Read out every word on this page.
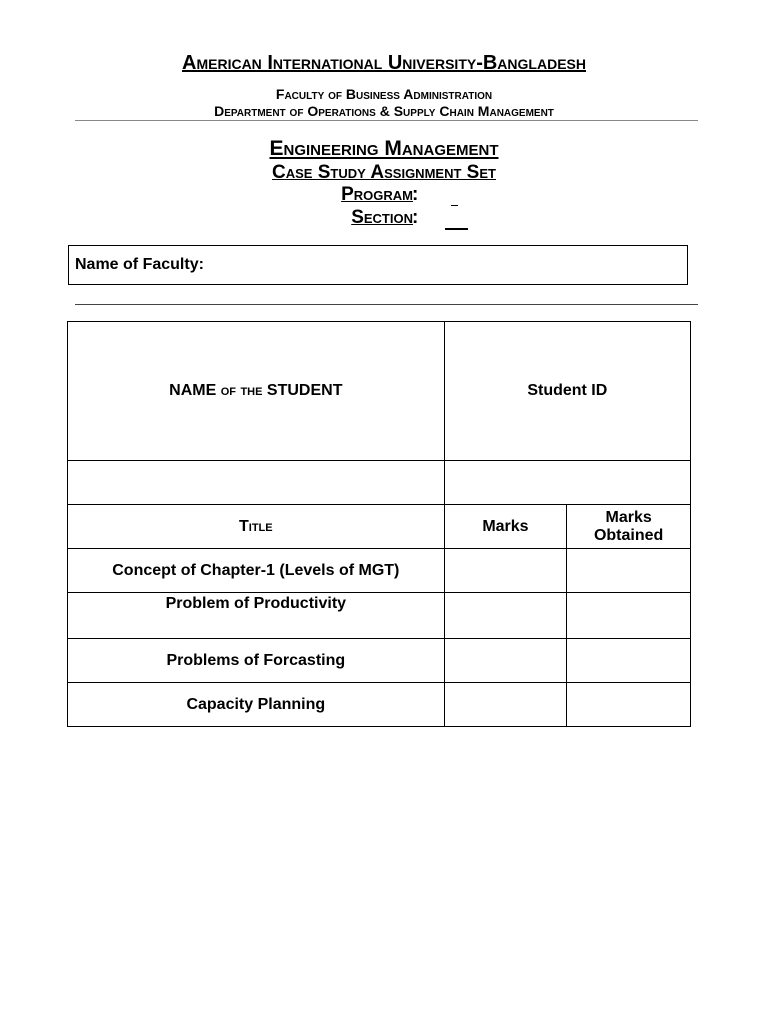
American International University-Bangladesh
Faculty of Business Administration
Department of Operations & Supply Chain Management
Engineering Management
Case Study Assignment Set
Program :
Section :
Name of Faculty:
NAME of the STUDENT	Student ID	

Title	Marks	Marks
Obtained

Concept of Chapter-1 (Levels of MGT)		
Problem of Productivity		
Problems of Forcasting		
Capacity Planning		
